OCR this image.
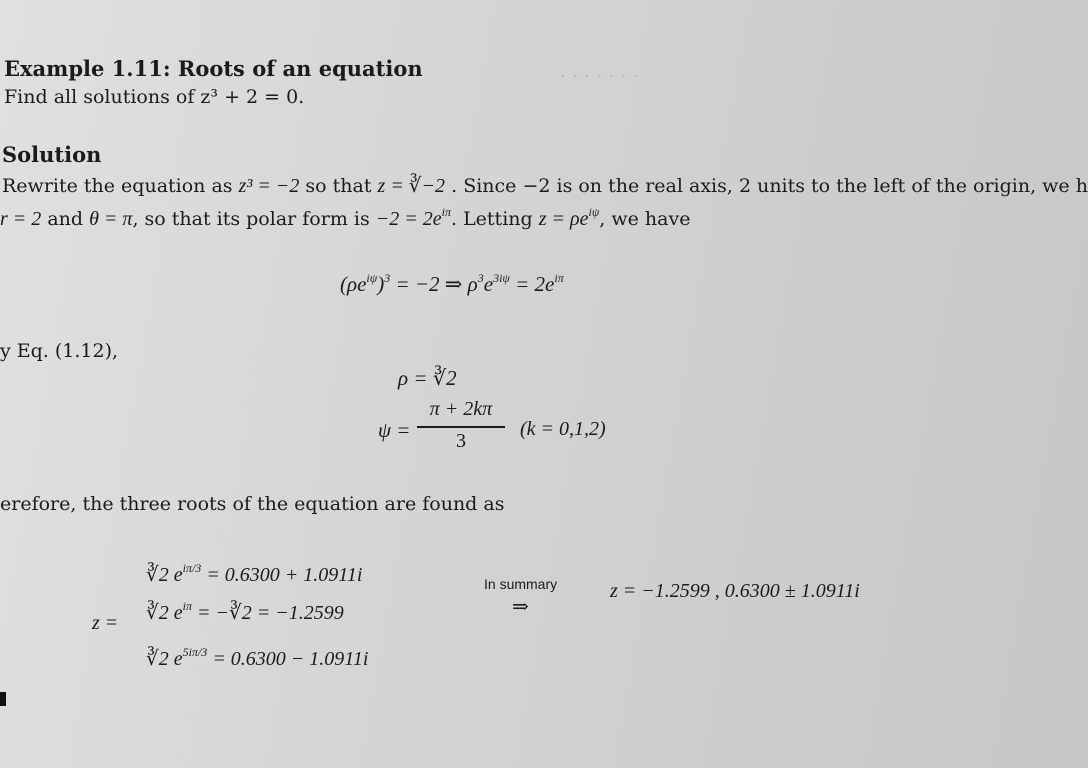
· · · · · · ·
Example 1.11: Roots of an equation
Find all solutions of z³ + 2 = 0.
Solution
Rewrite the equation as z³ = −2 so that z = ∛−2 . Since −2 is on the real axis, 2 units to the left of the origin, we h
r = 2 and θ = π, so that its polar form is $-2 = 2e^{i\pi}$. Letting $z = \rho e^{i\psi}$, we have
$(\rho e^{i\psi})^3 = -2$ ⇒ $\rho^3e^{3i\psi} = 2e^{i\pi}$
y Eq. (1.12),
ρ = ∛2
ψ =
π + 2kπ
3
(k = 0,1,2)
erefore, the three roots of the equation are found as
z =
∛2 $e^{i\pi/3} = 0.6300 + 1.0911i$
∛2 $e^{i\pi}$ = −∛2 = −1.2599
∛2 $e^{5i\pi/3} = 0.6300 - 1.0911i$
In summary
⇒
z = −1.2599 , 0.6300 ± 1.0911i
